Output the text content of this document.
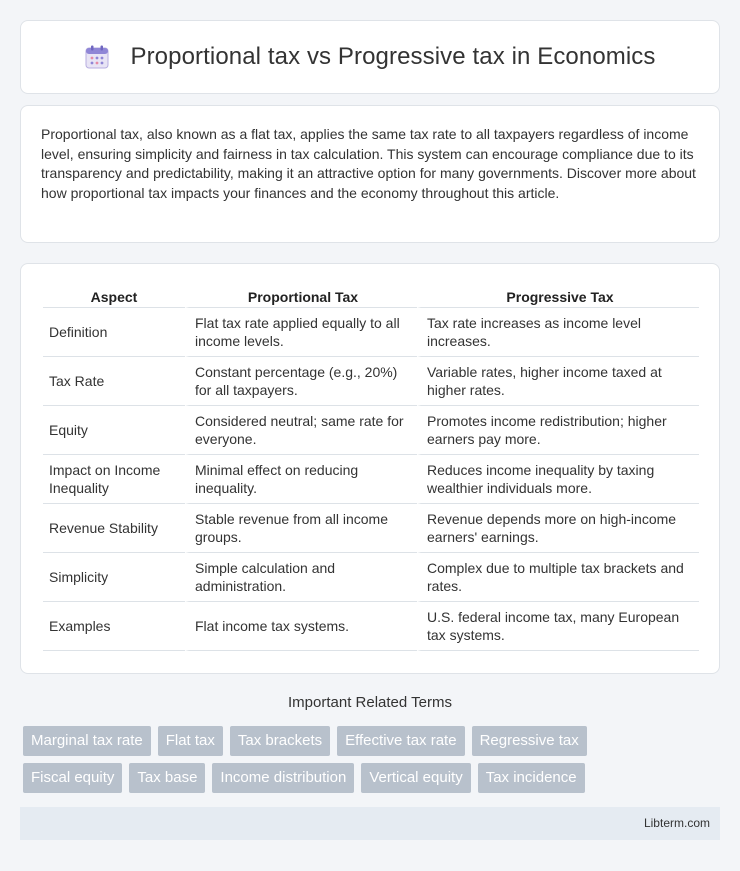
Proportional tax vs Progressive tax in Economics

Proportional tax, also known as a flat tax, applies the same tax rate to all taxpayers regardless of income level, ensuring simplicity and fairness in tax calculation. This system can encourage compliance due to its transparency and predictability, making it an attractive option for many governments. Discover more about how proportional tax impacts your finances and the economy throughout this article.

Aspect	Proportional Tax	Progressive Tax
Definition	Flat tax rate applied equally to all income levels.	Tax rate increases as income level increases.
Tax Rate	Constant percentage (e.g., 20%) for all taxpayers.	Variable rates, higher income taxed at higher rates.
Equity	Considered neutral; same rate for everyone.	Promotes income redistribution; higher earners pay more.
Impact on Income Inequality	Minimal effect on reducing inequality.	Reduces income inequality by taxing wealthier individuals more.
Revenue Stability	Stable revenue from all income groups.	Revenue depends more on high-income earners' earnings.
Simplicity	Simple calculation and administration.	Complex due to multiple tax brackets and rates.
Examples	Flat income tax systems.	U.S. federal income tax, many European tax systems.
Important Related Terms
Marginal tax rate	Flat tax	Tax brackets	Effective tax rate	Regressive tax
Fiscal equity	Tax base	Income distribution	Vertical equity	Tax incidence
Libterm.com
